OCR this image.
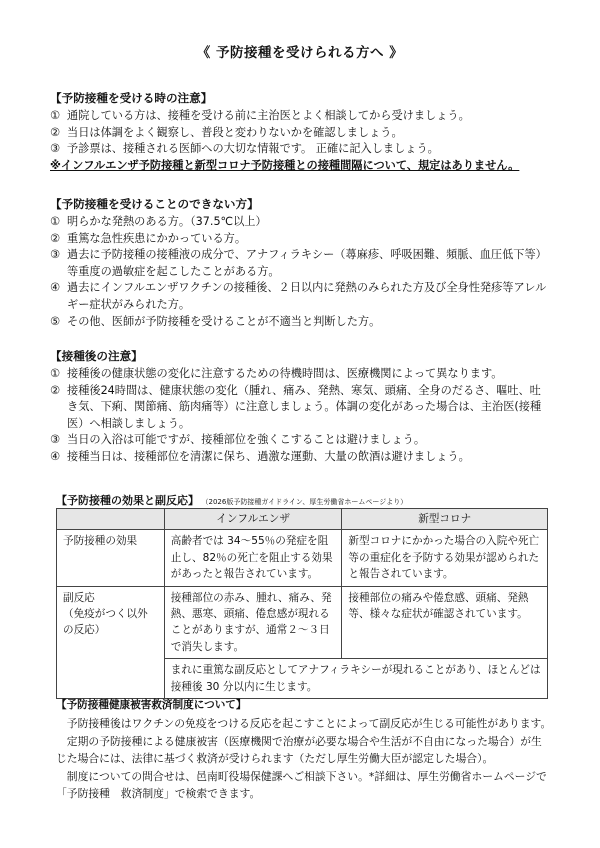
《 予防接種を受けられる方へ 》
【予防接種を受ける時の注意】
① 通院している方は、接種を受ける前に主治医とよく相談してから受けましょう。
② 当日は体調をよく観察し、普段と変わりないかを確認しましょう。
③ 予診票は、接種される医師への大切な情報です。 正確に記入しましょう。
※インフルエンザ予防接種と新型コロナ予防接種との接種間隔について、規定はありません。
【予防接種を受けることのできない方】
① 明らかな発熱のある方。（37.5℃以上）
② 重篤な急性疾患にかかっている方。
③ 過去に予防接種の接種液の成分で、アナフィラキシー（蕁麻疹、呼吸困難、頻脈、血圧低下等）等重度の過敏症を起こしたことがある方。
④ 過去にインフルエンザワクチンの接種後、２日以内に発熱のみられた方及び全身性発疹等アレルギー症状がみられた方。
⑤ その他、医師が予防接種を受けることが不適当と判断した方。
【接種後の注意】
① 接種後の健康状態の変化に注意するための待機時間は、医療機関によって異なります。
② 接種後24時間は、健康状態の変化（腫れ、痛み、発熱、寒気、頭痛、全身のだるさ、嘔吐、吐き気、下痢、関節痛、筋肉痛等）に注意しましょう。体調の変化があった場合は、主治医(接種医）へ相談しましょう。
③ 当日の入浴は可能ですが、接種部位を強くこすることは避けましょう。
④ 接種当日は、接種部位を清潔に保ち、過激な運動、大量の飲酒は避けましょう。
【予防接種の効果と副反応】 （2026版予防接種ガイドライン、厚生労働省ホームページより）
	インフルエンザ	新型コロナ
予防接種の効果	高齢者では 34〜55％の発症を阻止し、82％の死亡を阻止する効果があったと報告されています。	新型コロナにかかった場合の入院や死亡等の重症化を予防する効果が認められたと報告されています。

副反応
（免疫がつく以外の反応）	接種部位の赤み、腫れ、痛み、発熱、悪寒、頭痛、倦怠感が現れることがありますが、通常２〜３日で消失します。	接種部位の痛みや倦怠感、頭痛、発熱等、様々な症状が確認されています。
	まれに重篤な副反応としてアナフィラキシーが現れることがあり、ほとんどは接種後 30 分以内に生じます。	
【予防接種健康被害救済制度について】
予防接種後はワクチンの免疫をつける反応を起こすことによって副反応が生じる可能性があります。
定期の予防接種による健康被害（医療機関で治療が必要な場合や生活が不自由になった場合）が生じた場合には、法律に基づく救済が受けられます（ただし厚生労働大臣が認定した場合）。
制度についての問合せは、邑南町役場保健課へご相談下さい。*詳細は、厚生労働省ホームページで「予防接種　救済制度」で検索できます。
